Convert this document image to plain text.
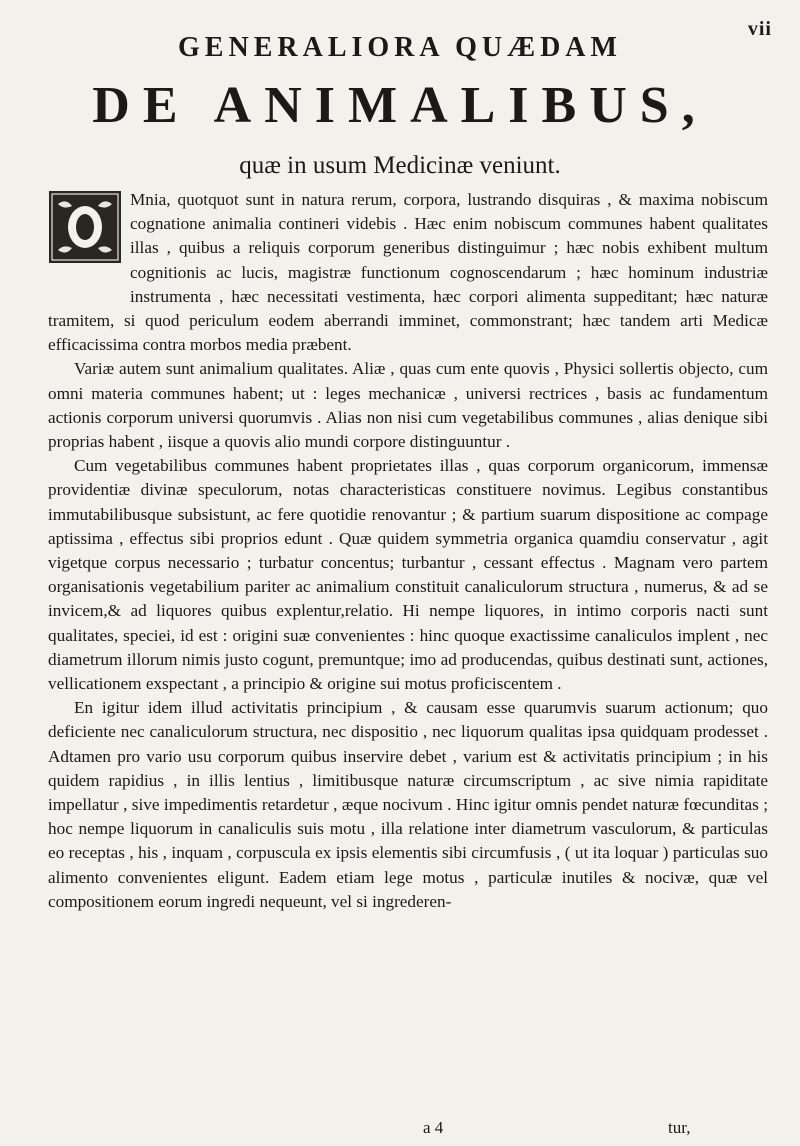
vii
GENERALIORA QUÆDAM
DE ANIMALIBUS,
quæ in usum Medicinæ veniunt.
O

Mnia, quotquot sunt in natura rerum, corpora, lustrando disquiras , & maxima nobiscum cognatione animalia contineri videbis . Hæc enim nobiscum communes habent qualitates illas , quibus a reliquis corporum generibus distinguimur ; hæc nobis exhibent multum cognitionis ac lucis, magistræ functionum cognoscendarum ; hæc hominum industriæ instrumenta , hæc necessitati vestimenta, hæc corpori alimenta suppeditant; hæc naturæ tramitem, si quod periculum eodem aberrandi imminet, commonstrant; hæc tandem arti Medicæ efficacissima contra morbos media præbent.

Variæ autem sunt animalium qualitates. Aliæ , quas cum ente quovis , Physici sollertis objecto, cum omni materia communes habent; ut : leges mechanicæ , universi rectrices , basis ac fundamentum actionis corporum universi quorumvis . Alias non nisi cum vegetabilibus communes , alias denique sibi proprias habent , iisque a quovis alio mundi corpore distinguuntur .

Cum vegetabilibus communes habent proprietates illas , quas corporum organicorum, immensæ providentiæ divinæ speculorum, notas characteristicas constituere novimus. Legibus constantibus immutabilibusque subsistunt, ac fere quotidie renovantur ; & partium suarum dispositione ac compage aptissima , effectus sibi proprios edunt . Quæ quidem symmetria organica quamdiu conservatur , agit vigetque corpus necessario ; turbatur concentus; turbantur , cessant effectus . Magnam vero partem organisationis vegetabilium pariter ac animalium constituit canaliculorum structura , numerus, & ad se invicem,& ad liquores quibus explentur,relatio. Hi nempe liquores, in intimo corporis nacti sunt qualitates, speciei, id est : origini suæ convenientes : hinc quoque exactissime canaliculos implent , nec diametrum illorum nimis justo cogunt, premuntque; imo ad producendas, quibus destinati sunt, actiones, vellicationem exspectant , a principio & origine sui motus proficiscentem .

En igitur idem illud activitatis principium , & causam esse quarumvis suarum actionum; quo deficiente nec canaliculorum structura, nec dispositio , nec liquorum qualitas ipsa quidquam prodesset . Adtamen pro vario usu corporum quibus inservire debet , varium est & activitatis principium ; in his quidem rapidius , in illis lentius , limitibusque naturæ circumscriptum , ac sive nimia rapiditate impellatur , sive impedimentis retardetur , æque nocivum . Hinc igitur omnis pendet naturæ fœcunditas ; hoc nempe liquorum in canaliculis suis motu , illa relatione inter diametrum vasculorum, & particulas eo receptas , his , inquam , corpuscula ex ipsis elementis sibi circumfusis , ( ut ita loquar ) particulas suo alimento convenientes eligunt. Eadem etiam lege motus , particulæ inutiles & nocivæ, quæ vel compositionem eorum ingredi nequeunt, vel si ingrederen-

a 4	tur,
